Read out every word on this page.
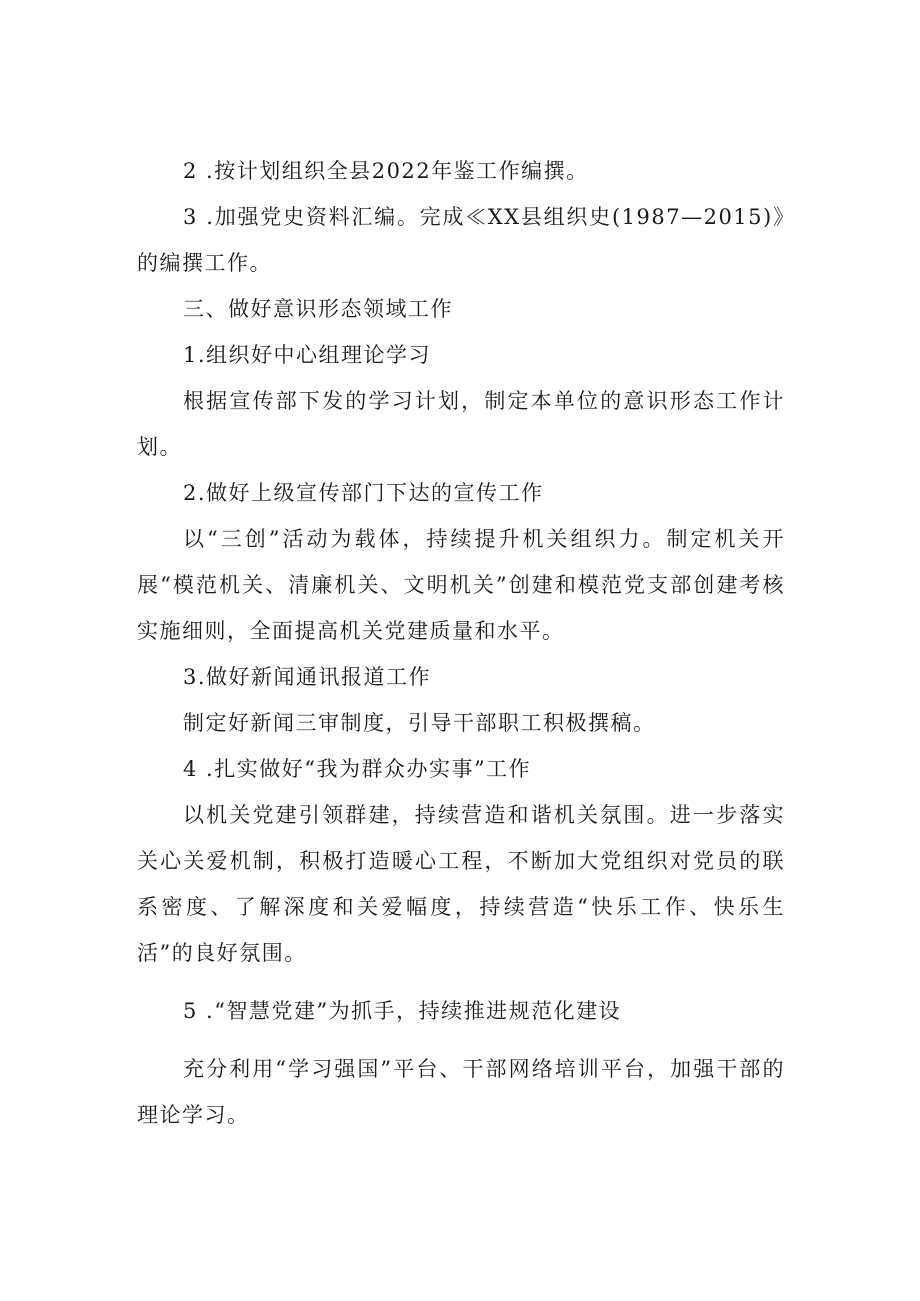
2 .按计划组织全县2022年鉴工作编撰。

3 .加强党史资料汇编。完成≪XX县组织史(1987—2015)》的编撰工作。

三、做好意识形态领域工作

1.组织好中心组理论学习

根据宣传部下发的学习计划，制定本单位的意识形态工作计划。

2.做好上级宣传部门下达的宣传工作

以“三创”活动为载体，持续提升机关组织力。制定机关开展“模范机关、清廉机关、文明机关”创建和模范党支部创建考核实施细则，全面提高机关党建质量和水平。

3.做好新闻通讯报道工作

制定好新闻三审制度，引导干部职工积极撰稿。

4 .扎实做好“我为群众办实事”工作

以机关党建引领群建，持续营造和谐机关氛围。进一步落实关心关爱机制，积极打造暖心工程，不断加大党组织对党员的联系密度、了解深度和关爱幅度，持续营造“快乐工作、快乐生活”的良好氛围。

5 .“智慧党建”为抓手，持续推进规范化建设

充分利用“学习强国”平台、干部网络培训平台，加强干部的理论学习。
